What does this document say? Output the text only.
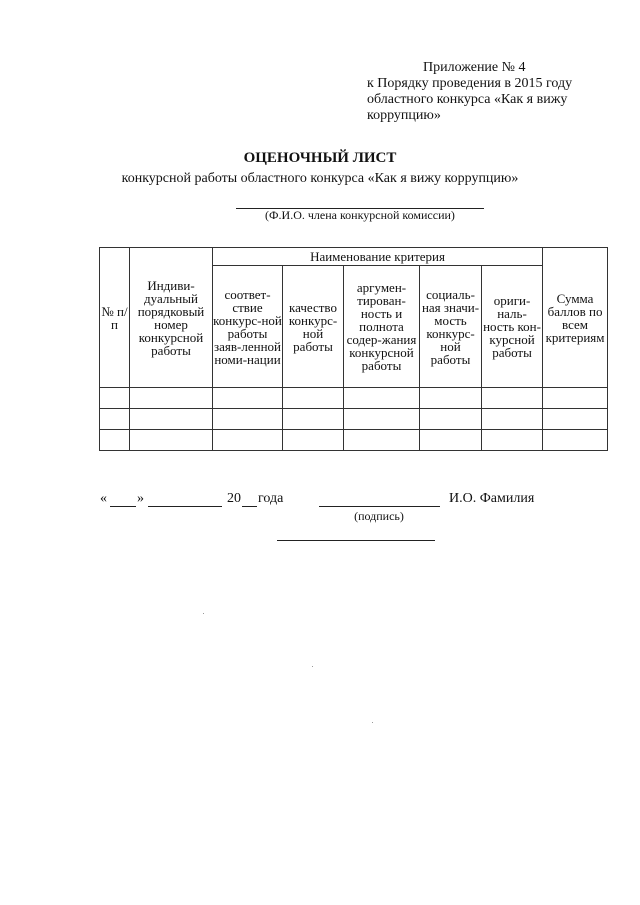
Приложение № 4
к Порядку проведения в 2015 году
областного конкурса «Как я вижу
коррупцию»
ОЦЕНОЧНЫЙ ЛИСТ
конкурсной работы областного конкурса «Как я вижу коррупцию»
(Ф.И.О. члена конкурсной комиссии)
№ п/п	Индиви-дуальный порядковый номер конкурсной работы	Наименование критерия					Сумма баллов по всем критериям
		соответ-ствие конкурс-ной работы заяв-ленной номи-нации	качество конкурс-ной работы	аргумен-тирован-ность и полнота содер-жания конкурсной работы	социаль-ная значи-мость конкурс-ной работы	ориги-наль-ность кон-курсной работы	

« »	20 года	И.О. Фамилия
(подпись)
